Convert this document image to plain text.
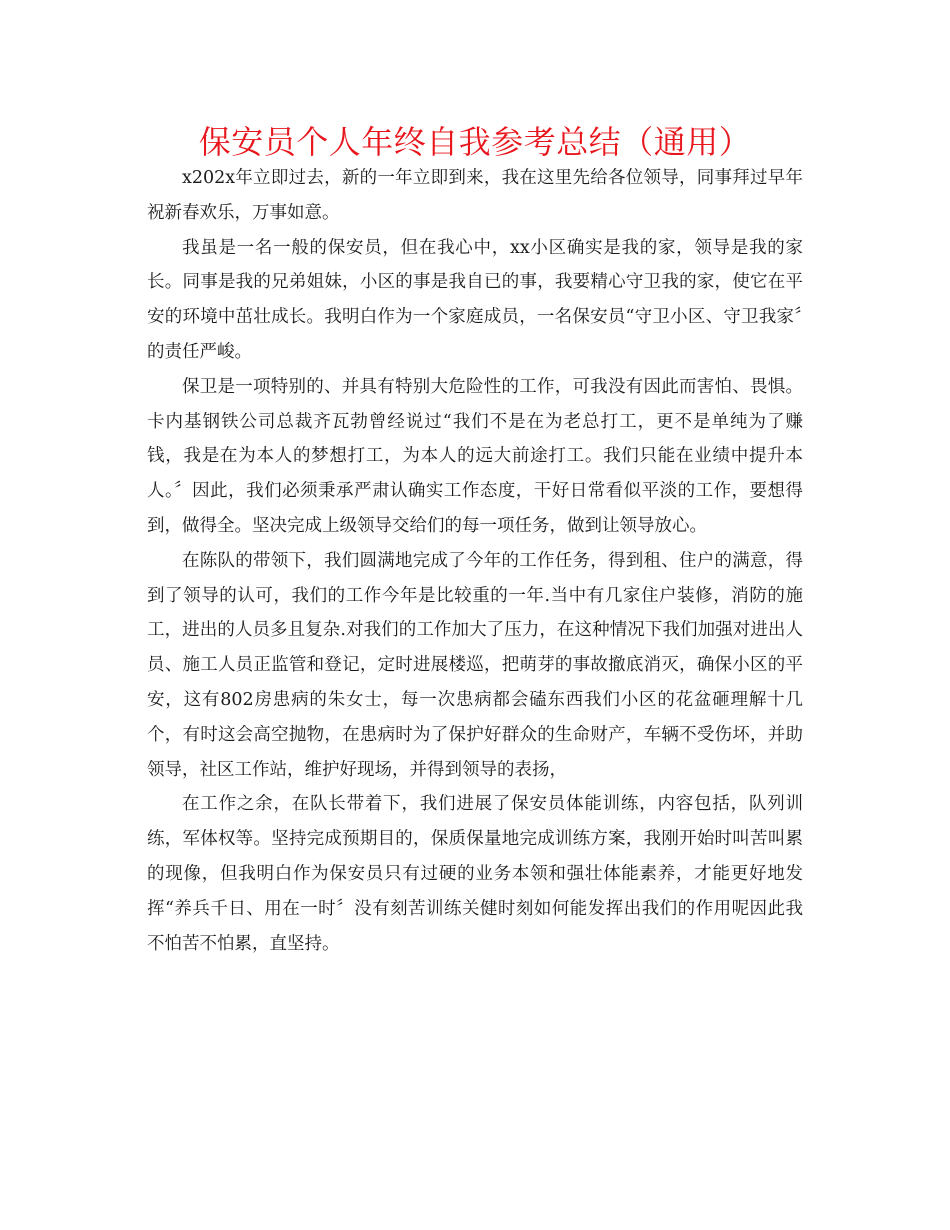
保安员个人年终自我参考总结（通用）

x202x年立即过去，新的一年立即到来，我在这里先给各位领导，同事拜过早年祝新春欢乐，万事如意。

我虽是一名一般的保安员，但在我心中，xx小区确实是我的家，领导是我的家长。同事是我的兄弟姐妹，小区的事是我自已的事，我要精心守卫我的家，使它在平安的环境中茁壮成长。我明白作为一个家庭成员，一名保安员“守卫小区、守卫我家〞的责任严峻。

保卫是一项特别的、并具有特别大危险性的工作，可我没有因此而害怕、畏惧。卡内基钢铁公司总裁齐瓦勃曾经说过“我们不是在为老总打工，更不是单纯为了赚钱，我是在为本人的梦想打工，为本人的远大前途打工。我们只能在业绩中提升本人。〞因此，我们必须秉承严肃认确实工作态度，干好日常看似平淡的工作，要想得到，做得全。坚决完成上级领导交给们的每一项任务，做到让领导放心。

在陈队的带领下，我们圆满地完成了今年的工作任务，得到租、住户的满意，得到了领导的认可，我们的工作今年是比较重的一年.当中有几家住户装修，消防的施工，进出的人员多且复杂.对我们的工作加大了压力，在这种情况下我们加强对进出人员、施工人员正监管和登记，定时进展楼巡，把萌芽的事故撤底消灭，确保小区的平安，这有802房患病的朱女士，每一次患病都会磕东西我们小区的花盆砸理解十几个，有时这会高空抛物，在患病时为了保护好群众的生命财产，车辆不受伤坏，并助领导，社区工作站，维护好现场，并得到领导的表扬，

在工作之余，在队长带着下，我们进展了保安员体能训练，内容包括，队列训练，军体权等。坚持完成预期目的，保质保量地完成训练方案，我刚开始时叫苦叫累的现像，但我明白作为保安员只有过硬的业务本领和强壮体能素养，才能更好地发挥“养兵千日、用在一时〞没有刻苦训练关健时刻如何能发挥出我们的作用呢因此我不怕苦不怕累，直坚持。
